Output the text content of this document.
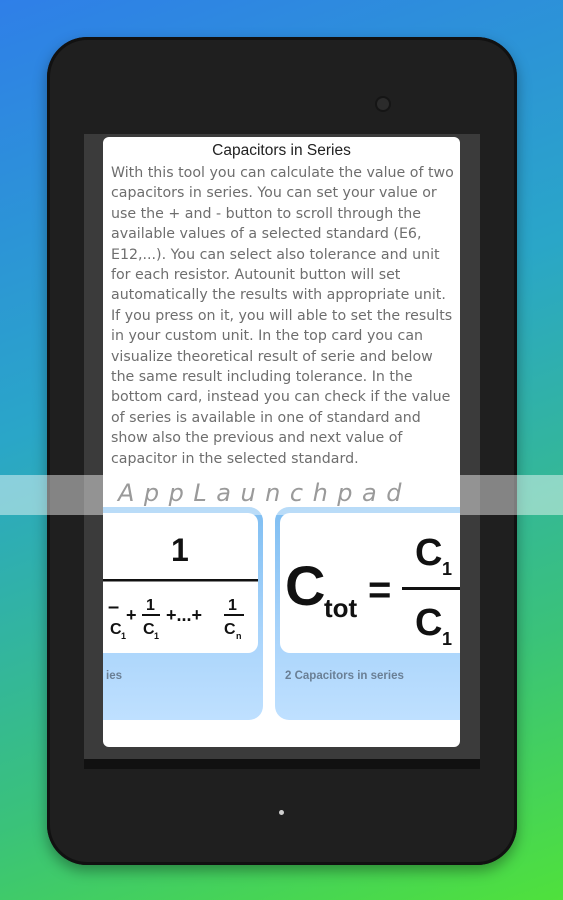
Capacitors in Series

With this tool you can calculate the value of two capacitors in series. You can set your value or use the + and - button to scroll through the available values of a selected standard (E6, E12,...). You can select also tolerance and unit for each resistor. Autounit button will set automatically the results with appropriate unit. If you press on it, you will able to set the results in your custom unit. In the top card you can visualize theoretical result of serie and below the same result including tolerance. In the bottom card, instead you can check if the value of series is available in one of standard and show also the previous and next value of capacitor in the selected standard.

1
–
C 1
+ 1
C 1
+...+ 1
C n
ies
C
tot =
C 1
C 1
2 Capacitors in series
AppLaunchpad
